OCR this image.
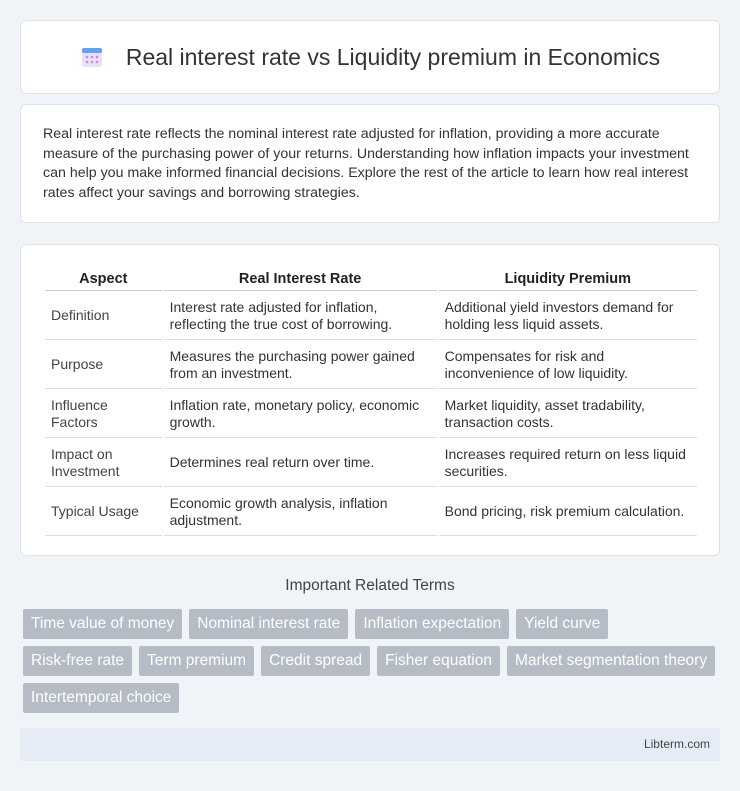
Real interest rate vs Liquidity premium in Economics

Real interest rate reflects the nominal interest rate adjusted for inflation, providing a more accurate measure of the purchasing power of your returns. Understanding how inflation impacts your investment can help you make informed financial decisions. Explore the rest of the article to learn how real interest rates affect your savings and borrowing strategies.

Aspect	Real Interest Rate	Liquidity Premium
Definition	Interest rate adjusted for inflation, reflecting the true cost of borrowing.	Additional yield investors demand for holding less liquid assets.
Purpose	Measures the purchasing power gained from an investment.	Compensates for risk and inconvenience of low liquidity.
Influence Factors	Inflation rate, monetary policy, economic growth.	Market liquidity, asset tradability, transaction costs.
Impact on Investment	Determines real return over time.	Increases required return on less liquid securities.
Typical Usage	Economic growth analysis, inflation adjustment.	Bond pricing, risk premium calculation.
Important Related Terms
Time value of money	Nominal interest rate	Inflation expectation	Yield curve
Risk-free rate	Term premium	Credit spread	Fisher equation	Market segmentation theory
Intertemporal choice
Libterm.com
